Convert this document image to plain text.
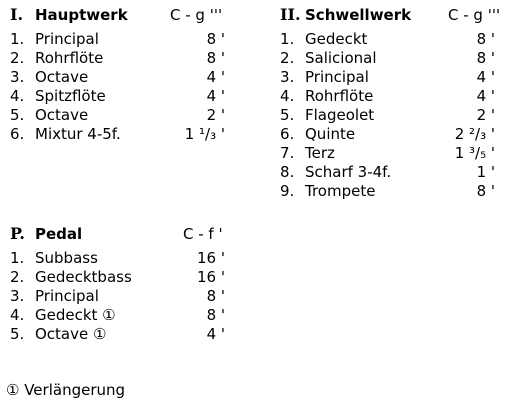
I. Hauptwerk	C - g '''
1. Principal	8 '
2. Rohrflöte	8 '
3. Octave	4 '
4. Spitzflöte	4 '
5. Octave	2 '
6. Mixtur 4-5f.	1 ¹/₃ '
II. Schwellwerk C - g '''
1. Gedeckt	8 '
2. Salicional	8 '
3. Principal	4 '
4. Rohrflöte	4 '
5. Flageolet	2 '
6. Quinte	2 ²/₃ '
7. Terz	1 ³/₅ '
8. Scharf 3-4f.	1 '
9. Trompete	8 '
P. Pedal	C - f '
1. Subbass	16 '
2. Gedecktbass	16 '
3. Principal	8 '
4. Gedeckt ①	8 '
5. Octave ①	4 '
① Verlängerung
